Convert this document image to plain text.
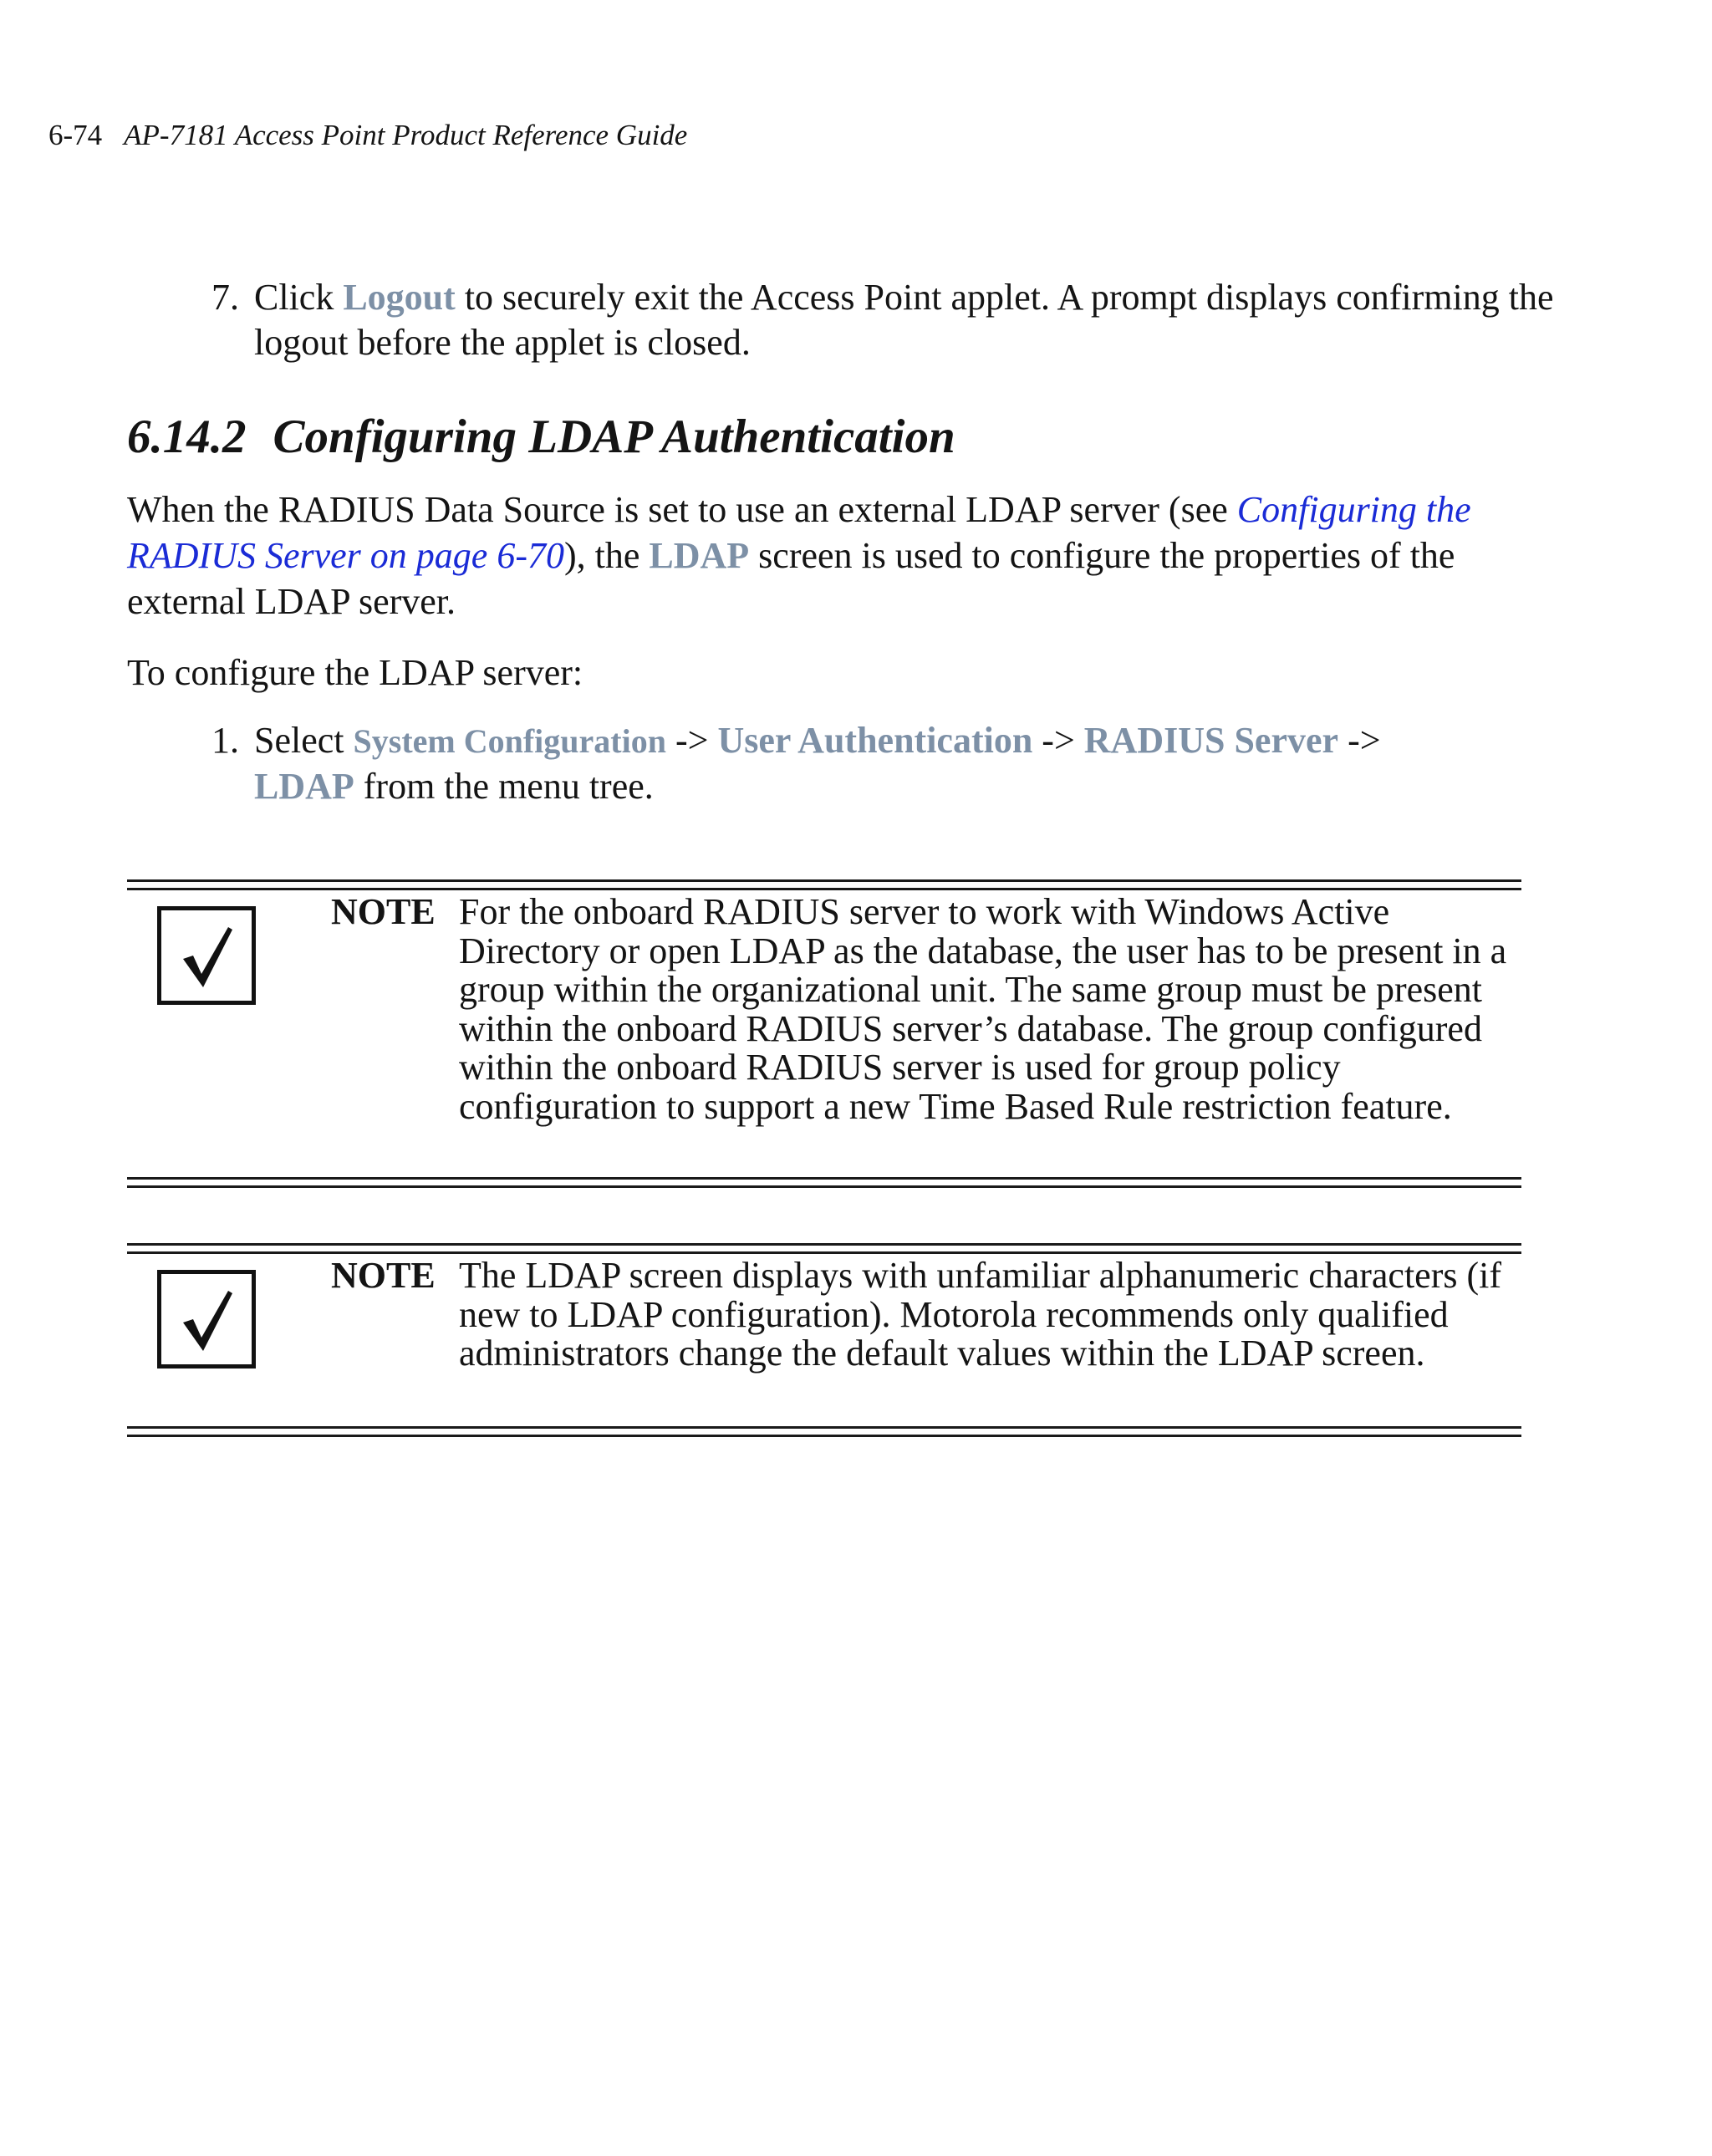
6-74 AP-7181 Access Point Product Reference Guide
7. Click Logout to securely exit the Access Point applet. A prompt displays confirming the logout before the applet is closed.
6.14.2 Configuring LDAP Authentication
When the RADIUS Data Source is set to use an external LDAP server (see Configuring the RADIUS Server on page 6-70), the LDAP screen is used to configure the properties of the external LDAP server.
To configure the LDAP server:
1. Select System Configuration -> User Authentication -> RADIUS Server ->
LDAP from the menu tree.
NOTE For the onboard RADIUS server to work with Windows Active Directory or open LDAP as the database, the user has to be present in a group within the organizational unit. The same group must be present within the onboard RADIUS server’s database. The group configured within the onboard RADIUS server is used for group policy configuration to support a new Time Based Rule restriction feature.
NOTE The LDAP screen displays with unfamiliar alphanumeric characters (if new to LDAP configuration). Motorola recommends only qualified administrators change the default values within the LDAP screen.
